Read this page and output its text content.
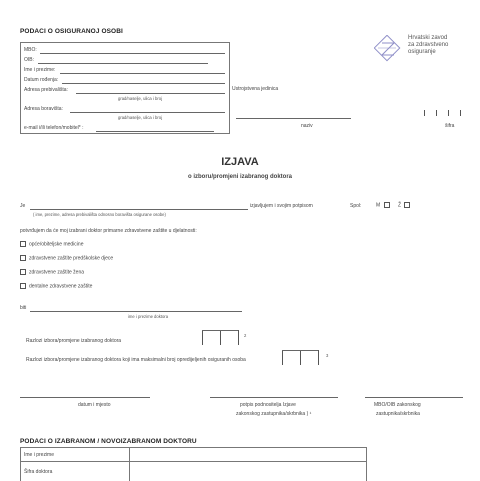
PODACI O OSIGURANOJ OSOBI
MBO:
OIB:
Ime i prezime:
Datum rođenja:
Adresa prebivališta:
grad/naselje, ulica i broj
Adresa boravišta:
grad/naselje, ulica i broj
e-mail i/ili telefon/mobitel* :
Hrvatski zavod
za zdravstveno
osiguranje
Ustrojstvena jedinica
naziv	šifra
IZJAVA
o izboru/promjeni izabranog doktora
Je	izjavljujem i svojim potpisom
( ime, prezime, adresa prebivališta odnosno boravišta osigurane osobe)
Spol:	M	Ž
potvrđujem da će moj izabrani doktor primarne zdravstvene zaštite u djelatnosti:
opće/obiteljske medicine
zdravstvene zaštite predškolske djece
zdravstvene zaštite žena
dentalne zdravstvene zaštite
biti
ime i prezime doktora
Razlozi izbora/promjene izabranog doktora
2
Razlozi izbora/promjene izabranog doktora koji ima maksimalni broj opredijeljenih osiguranih osoba
3
datum i mjesto	potpis podnositelja Izjave
zakonskog zastupnika/skrbnika ) ¹
MBO/OIB zakonskog
zastupnika/skrbnika
PODACI O IZABRANOM / NOVOIZABRANOM DOKTORU
Ime i prezime
Šifra doktora
